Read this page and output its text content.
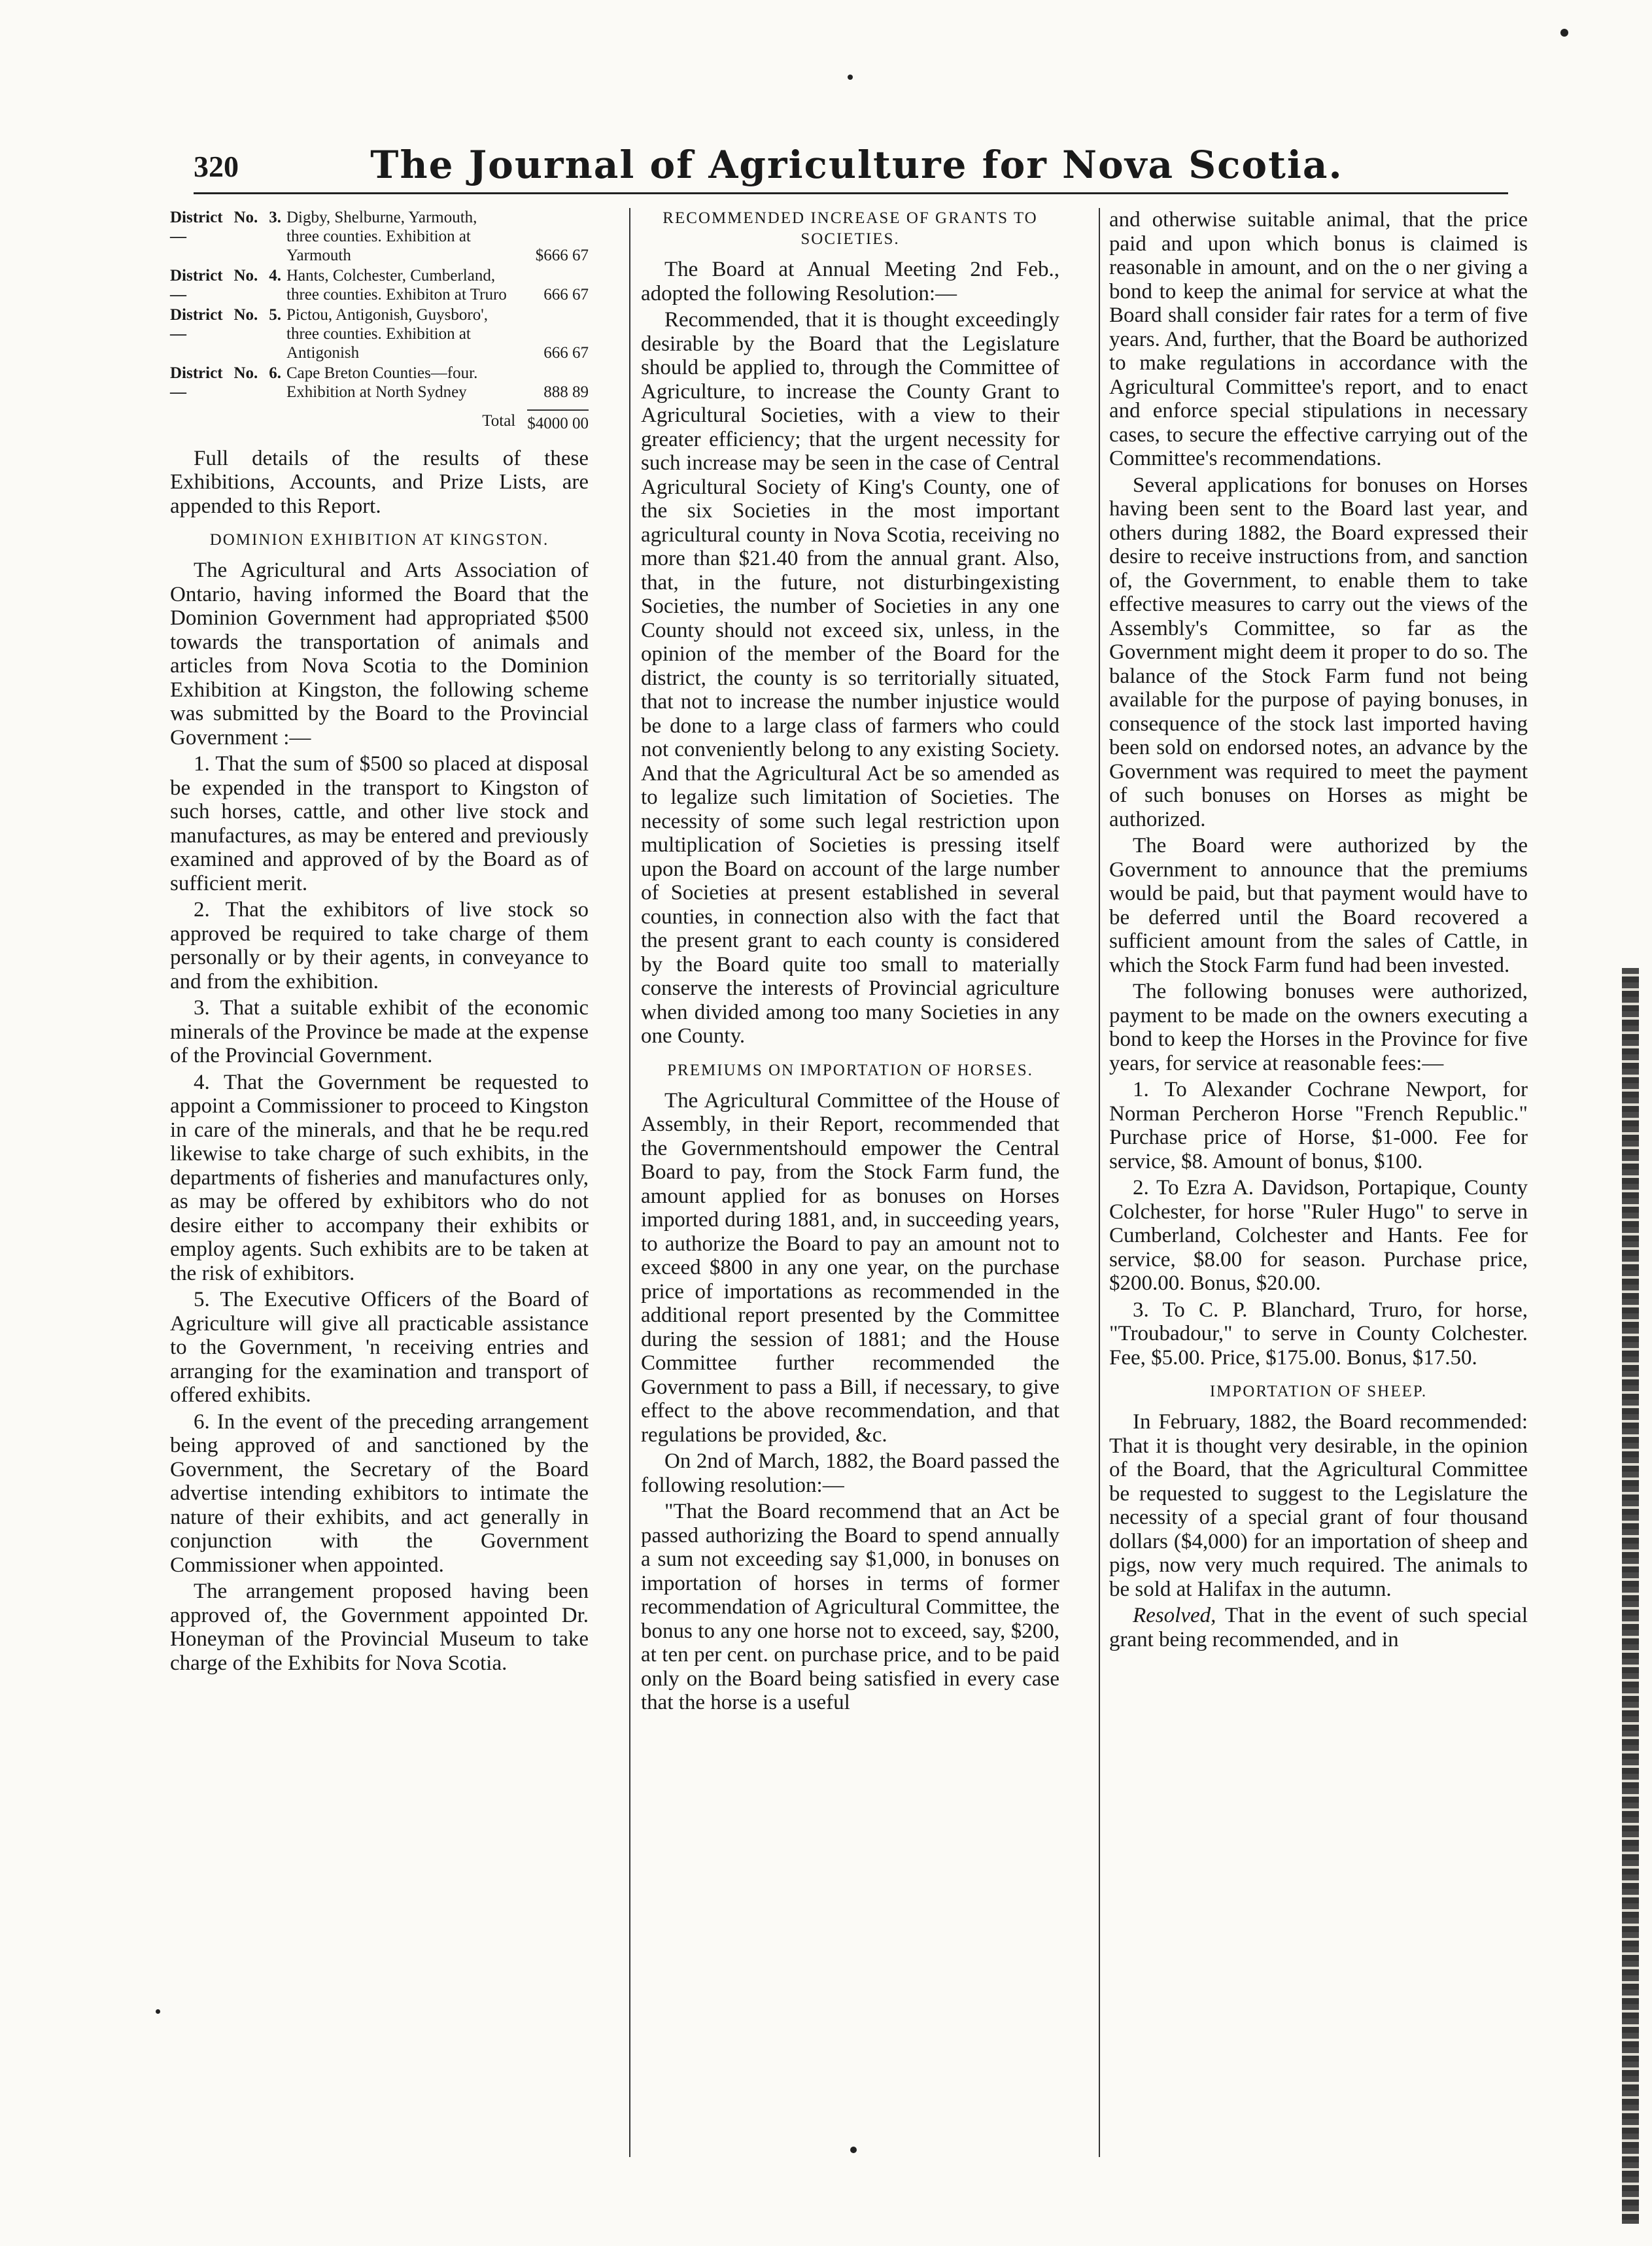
320	The Journal of Agriculture for Nova Scotia.
District No. 3.—
Digby, Shelburne, Yarmouth, three counties. Exhibition at Yarmouth	$666 67
District No. 4.—
Hants, Colchester, Cumberland, three counties. Exhibiton at Truro	666 67
District No. 5.—
Pictou, Antigonish, Guysboro', three counties. Exhibition at Antigonish	666 67
District No. 6.—
Cape Breton Counties—four. Exhibition at North Sydney	888 89
Total $4000 00

Full details of the results of these Exhibitions, Accounts, and Prize Lists, are appended to this Report.

DOMINION EXHIBITION AT KINGSTON.

The Agricultural and Arts Association of Ontario, having informed the Board that the Dominion Government had appropriated $500 towards the transportation of animals and articles from Nova Scotia to the Dominion Exhibition at Kingston, the following scheme was submitted by the Board to the Provincial Government :—

1. That the sum of $500 so placed at disposal be expended in the transport to Kingston of such horses, cattle, and other live stock and manufactures, as may be entered and previously examined and approved of by the Board as of sufficient merit.

2. That the exhibitors of live stock so approved be required to take charge of them personally or by their agents, in conveyance to and from the exhibition.

3. That a suitable exhibit of the economic minerals of the Province be made at the expense of the Provincial Government.

4. That the Government be requested to appoint a Commissioner to proceed to Kingston in care of the minerals, and that he be requ.red likewise to take charge of such exhibits, in the departments of fisheries and manufactures only, as may be offered by exhibitors who do not desire either to accompany their exhibits or employ agents. Such exhibits are to be taken at the risk of exhibitors.

5. The Executive Officers of the Board of Agriculture will give all practicable assistance to the Government, 'n receiving entries and arranging for the examination and transport of offered exhibits.

6. In the event of the preceding arrangement being approved of and sanctioned by the Government, the Secretary of the Board advertise intending exhibitors to intimate the nature of their exhibits, and act generally in conjunction with the Government Commissioner when appointed.

The arrangement proposed having been approved of, the Government appointed Dr. Honeyman of the Provincial Museum to take charge of the Exhibits for Nova Scotia.

RECOMMENDED INCREASE OF GRANTS TO SOCIETIES.

The Board at Annual Meeting 2nd Feb., adopted the following Resolution:—

Recommended, that it is thought exceedingly desirable by the Board that the Legislature should be applied to, through the Committee of Agriculture, to increase the County Grant to Agricultural Societies, with a view to their greater efficiency; that the urgent necessity for such increase may be seen in the case of Central Agricultural Society of King's County, one of the six Societies in the most important agricultural county in Nova Scotia, receiving no more than $21.40 from the annual grant. Also, that, in the future, not disturbingexisting Societies, the number of Societies in any one County should not exceed six, unless, in the opinion of the member of the Board for the district, the county is so territorially situated, that not to increase the number injustice would be done to a large class of farmers who could not conveniently belong to any existing Society. And that the Agricultural Act be so amended as to legalize such limitation of Societies. The necessity of some such legal restriction upon multiplication of Societies is pressing itself upon the Board on account of the large number of Societies at present established in several counties, in connection also with the fact that the present grant to each county is considered by the Board quite too small to materially conserve the interests of Provincial agriculture when divided among too many Societies in any one County.

PREMIUMS ON IMPORTATION OF HORSES.

The Agricultural Committee of the House of Assembly, in their Report, recommended that the Governmentshould empower the Central Board to pay, from the Stock Farm fund, the amount applied for as bonuses on Horses imported during 1881, and, in succeeding years, to authorize the Board to pay an amount not to exceed $800 in any one year, on the purchase price of importations as recommended in the additional report presented by the Committee during the session of 1881; and the House Committee further recommended the Government to pass a Bill, if necessary, to give effect to the above recommendation, and that regulations be provided, &c.

On 2nd of March, 1882, the Board passed the following resolution:—

"That the Board recommend that an Act be passed authorizing the Board to spend annually a sum not exceeding say $1,000, in bonuses on importation of horses in terms of former recommendation of Agricultural Committee, the bonus to any one horse not to exceed, say, $200, at ten per cent. on purchase price, and to be paid only on the Board being satisfied in every case that the horse is a useful

and otherwise suitable animal, that the price paid and upon which bonus is claimed is reasonable in amount, and on the o ner giving a bond to keep the animal for service at what the Board shall consider fair rates for a term of five years. And, further, that the Board be authorized to make regulations in accordance with the Agricultural Committee's report, and to enact and enforce special stipulations in necessary cases, to secure the effective carrying out of the Committee's recommendations.

Several applications for bonuses on Horses having been sent to the Board last year, and others during 1882, the Board expressed their desire to receive instructions from, and sanction of, the Government, to enable them to take effective measures to carry out the views of the Assembly's Committee, so far as the Government might deem it proper to do so. The balance of the Stock Farm fund not being available for the purpose of paying bonuses, in consequence of the stock last imported having been sold on endorsed notes, an advance by the Government was required to meet the payment of such bonuses on Horses as might be authorized.

The Board were authorized by the Government to announce that the premiums would be paid, but that payment would have to be deferred until the Board recovered a sufficient amount from the sales of Cattle, in which the Stock Farm fund had been invested.

The following bonuses were authorized, payment to be made on the owners executing a bond to keep the Horses in the Province for five years, for service at reasonable fees:—

1. To Alexander Cochrane Newport, for Norman Percheron Horse "French Republic." Purchase price of Horse, $1-000. Fee for service, $8. Amount of bonus, $100.

2. To Ezra A. Davidson, Portapique, County Colchester, for horse "Ruler Hugo" to serve in Cumberland, Colchester and Hants. Fee for service, $8.00 for season. Purchase price, $200.00. Bonus, $20.00.

3. To C. P. Blanchard, Truro, for horse, "Troubadour," to serve in County Colchester. Fee, $5.00. Price, $175.00. Bonus, $17.50.

IMPORTATION OF SHEEP.

In February, 1882, the Board recommended: That it is thought very desirable, in the opinion of the Board, that the Agricultural Committee be requested to suggest to the Legislature the necessity of a special grant of four thousand dollars ($4,000) for an importation of sheep and pigs, now very much required. The animals to be sold at Halifax in the autumn.

Resolved, That in the event of such special grant being recommended, and in
